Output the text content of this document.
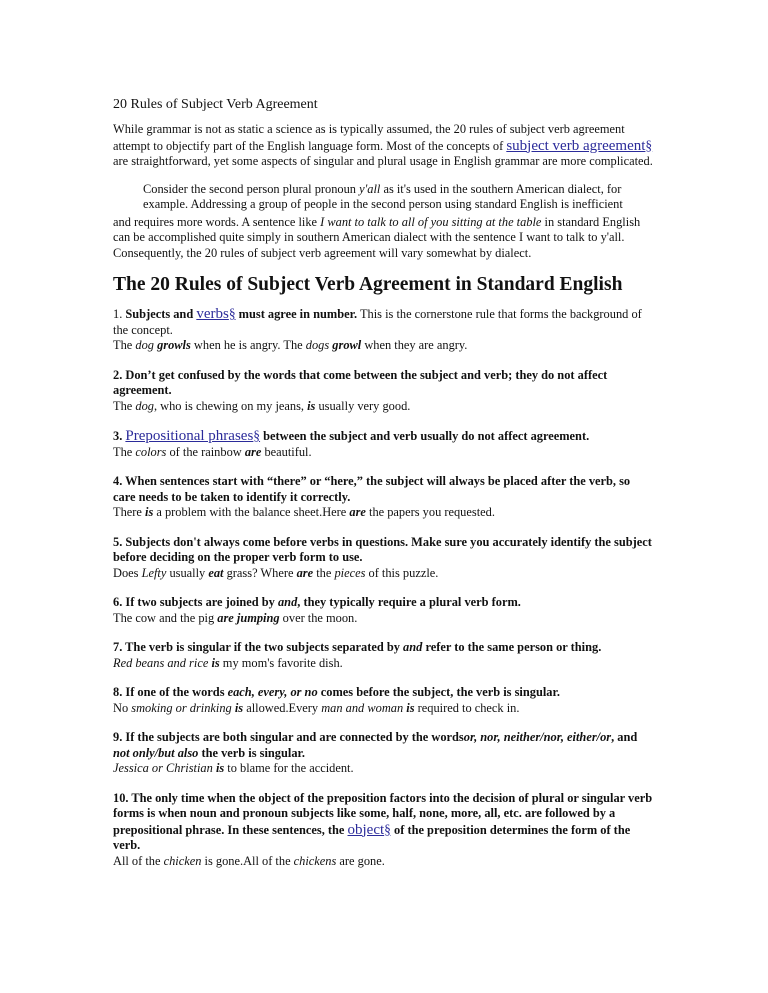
20 Rules of Subject Verb Agreement

While grammar is not as static a science as is typically assumed, the 20 rules of subject verb agreement attempt to objectify part of the English language form. Most of the concepts of subject verb agreement§ are straightforward, yet some aspects of singular and plural usage in English grammar are more complicated.

Consider the second person plural pronoun y'all as it's used in the southern American dialect, for example. Addressing a group of people in the second person using standard English is inefficient

and requires more words. A sentence like I want to talk to all of you sitting at the table in standard English can be accomplished quite simply in southern American dialect with the sentence I want to talk to y'all. Consequently, the 20 rules of subject verb agreement will vary somewhat by dialect.

The 20 Rules of Subject Verb Agreement in Standard English
1. Subjects and verbs§ must agree in number. This is the cornerstone rule that forms the background of the concept.
The dog growls when he is angry. The dogs growl when they are angry.
2. Don’t get confused by the words that come between the subject and verb; they do not affect agreement.
The dog, who is chewing on my jeans, is usually very good.
3. Prepositional phrases§ between the subject and verb usually do not affect agreement.
The colors of the rainbow are beautiful.
4. When sentences start with “there” or “here,” the subject will always be placed after the verb, so care needs to be taken to identify it correctly.
There is a problem with the balance sheet.Here are the papers you requested.
5. Subjects don't always come before verbs in questions. Make sure you accurately identify the subject before deciding on the proper verb form to use.
Does Lefty usually eat grass? Where are the pieces of this puzzle.
6. If two subjects are joined by and, they typically require a plural verb form.
The cow and the pig are jumping over the moon.
7. The verb is singular if the two subjects separated by and refer to the same person or thing.
Red beans and rice is my mom's favorite dish.
8. If one of the words each, every, or no comes before the subject, the verb is singular.
No smoking or drinking is allowed.Every man and woman is required to check in.
9. If the subjects are both singular and are connected by the wordsor, nor, neither/nor, either/or, and not only/but also the verb is singular.
Jessica or Christian is to blame for the accident.
10. The only time when the object of the preposition factors into the decision of plural or singular verb forms is when noun and pronoun subjects like some, half, none, more, all, etc. are followed by a prepositional phrase. In these sentences, the object§ of the preposition determines the form of the verb.
All of the chicken is gone.All of the chickens are gone.
